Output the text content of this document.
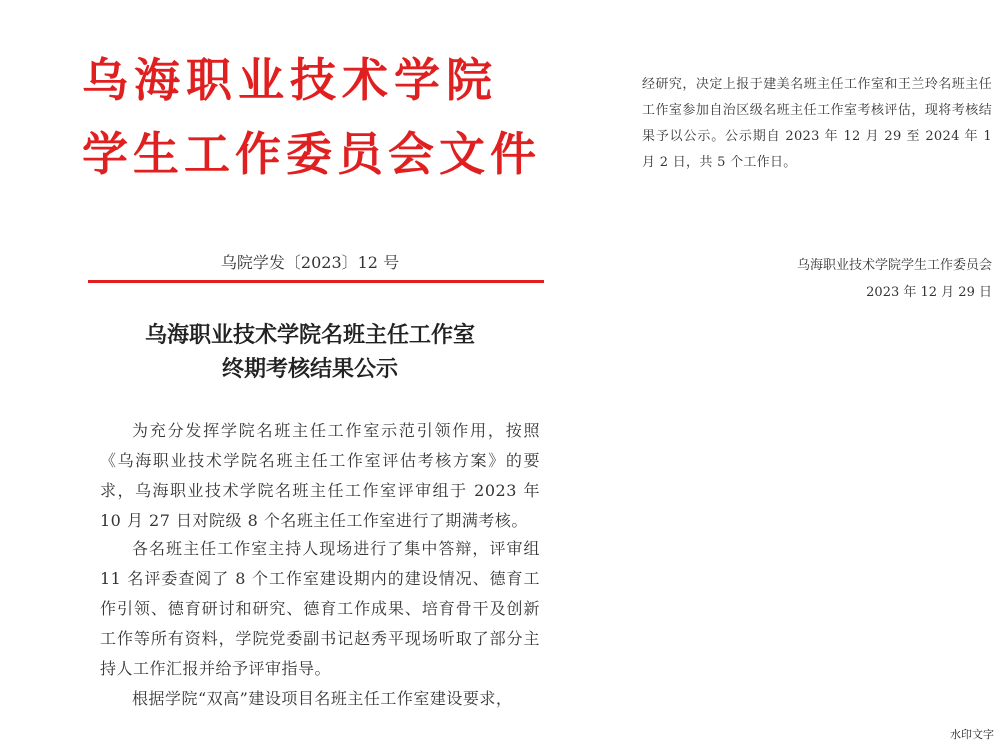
乌海职业技术学院
学生工作委员会文件
乌院学发〔2023〕12 号
乌海职业技术学院名班主任工作室
终期考核结果公示
为充分发挥学院名班主任工作室示范引领作用，按照《乌海职业技术学院名班主任工作室评估考核方案》的要求，乌海职业技术学院名班主任工作室评审组于 2023 年 10 月 27 日对院级 8 个名班主任工作室进行了期满考核。
各名班主任工作室主持人现场进行了集中答辩，评审组 11 名评委查阅了 8 个工作室建设期内的建设情况、德育工作引领、德育研讨和研究、德育工作成果、培育骨干及创新工作等所有资料，学院党委副书记赵秀平现场听取了部分主持人工作汇报并给予评审指导。
根据学院“双高”建设项目名班主任工作室建设要求，
经研究，决定上报于建美名班主任工作室和王兰玲名班主任工作室参加自治区级名班主任工作室考核评估，现将考核结果予以公示。公示期自 2023 年 12 月 29 至 2024 年 1 月 2 日，共 5 个工作日。
乌海职业技术学院学生工作委员会
2023 年 12 月 29 日
水印文字
